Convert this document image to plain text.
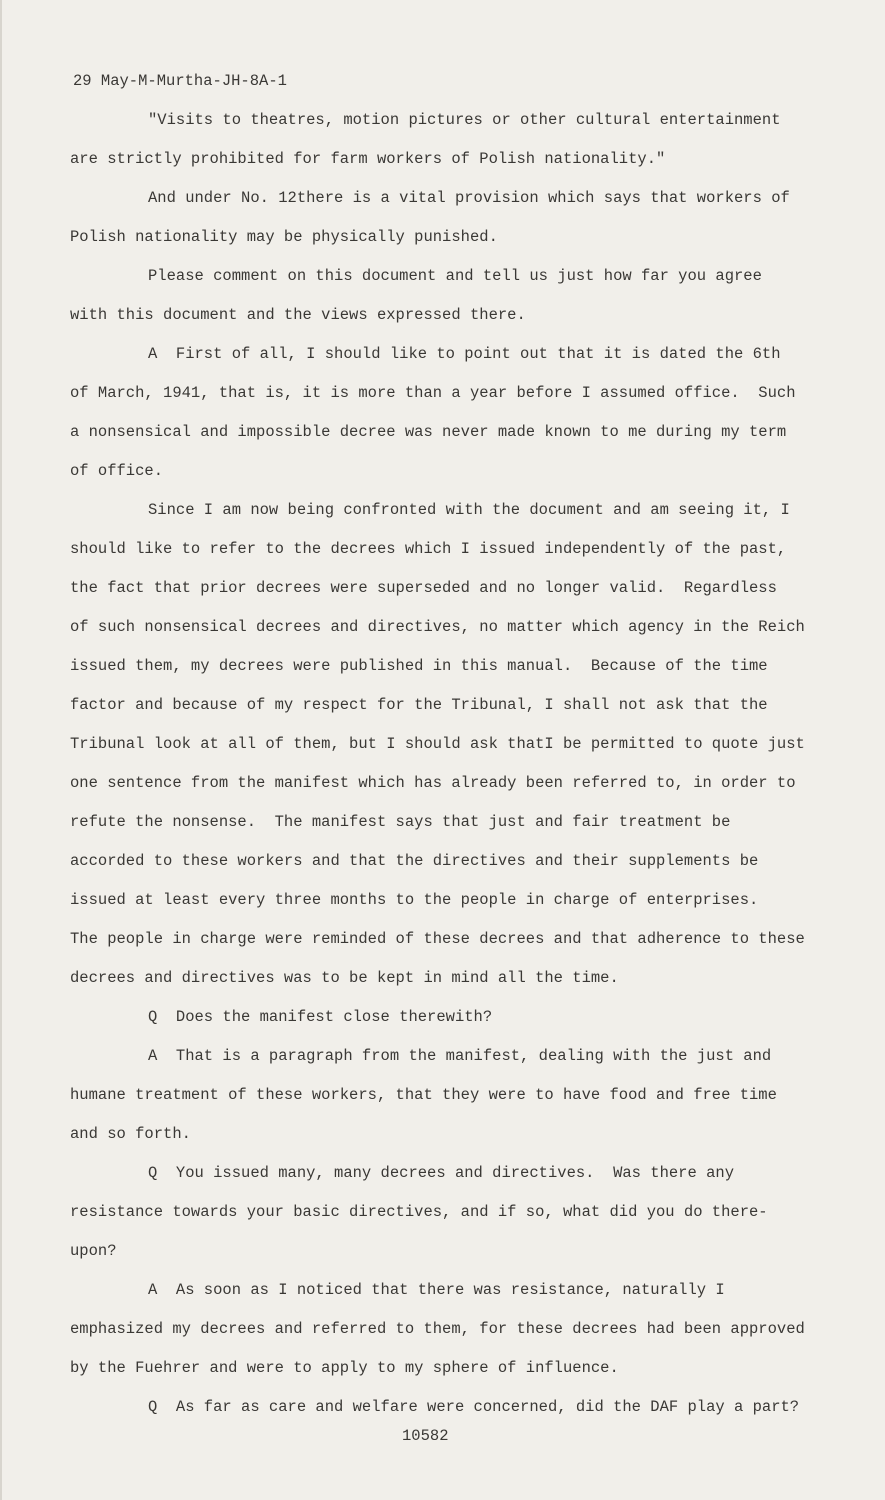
29 May-M-Murtha-JH-8A-1
"Visits to theatres, motion pictures or other cultural entertainment
are strictly prohibited for farm workers of Polish nationality."
And under No. 12there is a vital provision which says that workers of
Polish nationality may be physically punished.
Please comment on this document and tell us just how far you agree
with this document and the views expressed there.
A  First of all, I should like to point out that it is dated the 6th
of March, 1941, that is, it is more than a year before I assumed office.  Such
a nonsensical and impossible decree was never made known to me during my term
of office.
Since I am now being confronted with the document and am seeing it, I
should like to refer to the decrees which I issued independently of the past,
the fact that prior decrees were superseded and no longer valid.  Regardless
of such nonsensical decrees and directives, no matter which agency in the Reich
issued them, my decrees were published in this manual.  Because of the time
factor and because of my respect for the Tribunal, I shall not ask that the
Tribunal look at all of them, but I should ask thatI be permitted to quote just
one sentence from the manifest which has already been referred to, in order to
refute the nonsense.  The manifest says that just and fair treatment be
accorded to these workers and that the directives and their supplements be
issued at least every three months to the people in charge of enterprises.
The people in charge were reminded of these decrees and that adherence to these
decrees and directives was to be kept in mind all the time.
Q  Does the manifest close therewith?
A  That is a paragraph from the manifest, dealing with the just and
humane treatment of these workers, that they were to have food and free time
and so forth.
Q  You issued many, many decrees and directives.  Was there any
resistance towards your basic directives, and if so, what did you do there-
upon?
A  As soon as I noticed that there was resistance, naturally I
emphasized my decrees and referred to them, for these decrees had been approved
by the Fuehrer and were to apply to my sphere of influence.
Q  As far as care and welfare were concerned, did the DAF play a part?
10582
